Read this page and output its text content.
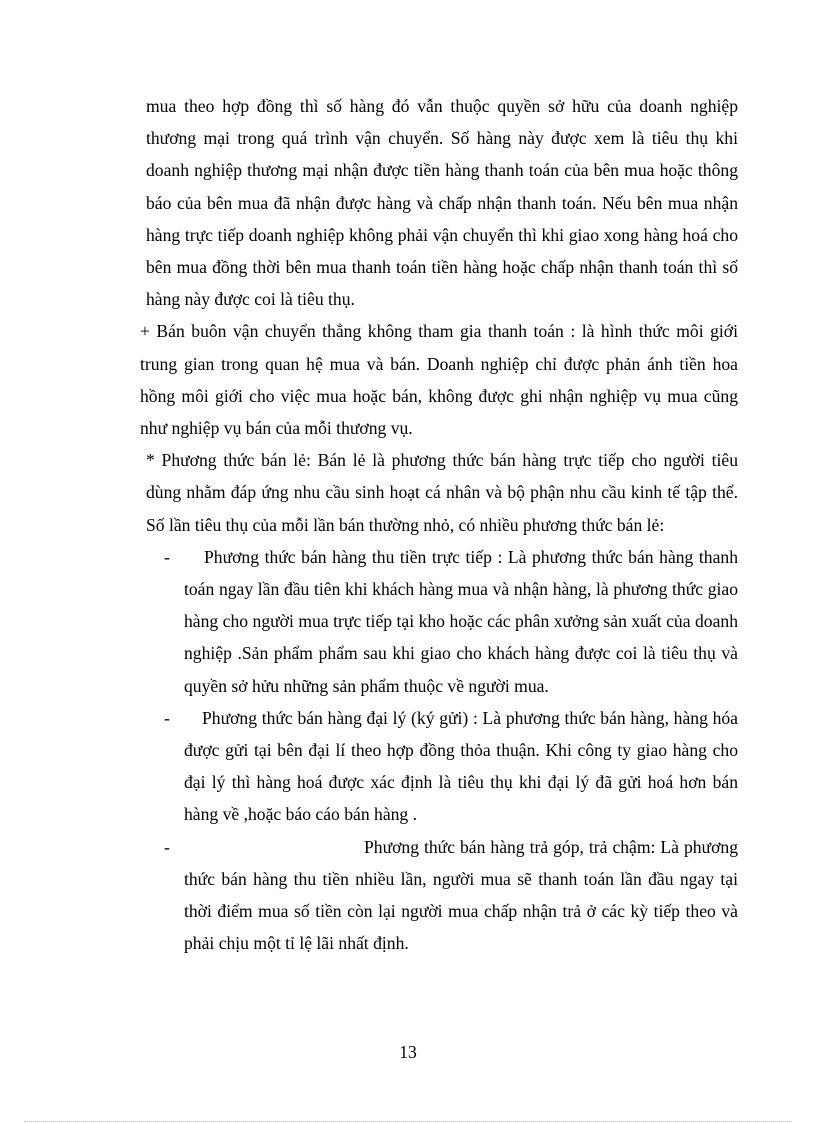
mua theo hợp đồng thì số hàng đó vẫn thuộc quyền sở hữu của doanh nghiệp thương mại trong quá trình vận chuyển. Số hàng này được xem là tiêu thụ khi doanh nghiệp thương mại nhận được tiền hàng thanh toán của bên mua hoặc thông báo của bên mua đã nhận được hàng và chấp nhận thanh toán. Nếu bên mua nhận hàng trực tiếp doanh nghiệp không phải vận chuyển thì khi giao xong hàng hoá cho bên mua đồng thời bên mua thanh toán tiền hàng hoặc chấp nhận thanh toán thì số hàng này được coi là tiêu thụ.

+ Bán buôn vận chuyển thẳng không tham gia thanh toán : là hình thức môi giới trung gian trong quan hệ mua và bán. Doanh nghiệp chỉ được phản ánh tiền hoa hồng môi giới cho việc mua hoặc bán, không được ghi nhận nghiệp vụ mua cũng như nghiệp vụ bán của mỗi thương vụ.

* Phương thức bán lẻ: Bán lẻ là phương thức bán hàng trực tiếp cho người tiêu dùng nhằm đáp ứng nhu cầu sinh hoạt cá nhân và bộ phận nhu cầu kinh tế tập thể. Số lần tiêu thụ của mỗi lần bán thường nhỏ, có nhiều phương thức bán lẻ:

-	Phương thức bán hàng thu tiền trực tiếp : Là phương thức bán hàng thanh toán ngay lần đầu tiên khi khách hàng mua và nhận hàng, là phương thức giao hàng cho người mua trực tiếp tại kho hoặc các phân xưởng sản xuất của doanh nghiệp .Sản phẩm phẩm sau khi giao cho khách hàng được coi là tiêu thụ và quyền sở hửu những sản phẩm thuộc về người mua.
-	Phương thức bán hàng đại lý (ký gửi) : Là phương thức bán hàng, hàng hóa được gửi tại bên đại lí theo hợp đồng thỏa thuận. Khi công ty giao hàng cho đại lý thì hàng hoá được xác định là tiêu thụ khi đại lý đã gửi hoá hơn bán hàng về ,hoặc báo cáo bán hàng .
-	Phương thức bán hàng trả góp, trả chậm: Là phương thức bán hàng thu tiền nhiều lần, người mua sẽ thanh toán lần đầu ngay tại thời điểm mua số tiền còn lại người mua chấp nhận trả ở các kỳ tiếp theo và phải chịu một tỉ lệ lãi nhất định.
13
